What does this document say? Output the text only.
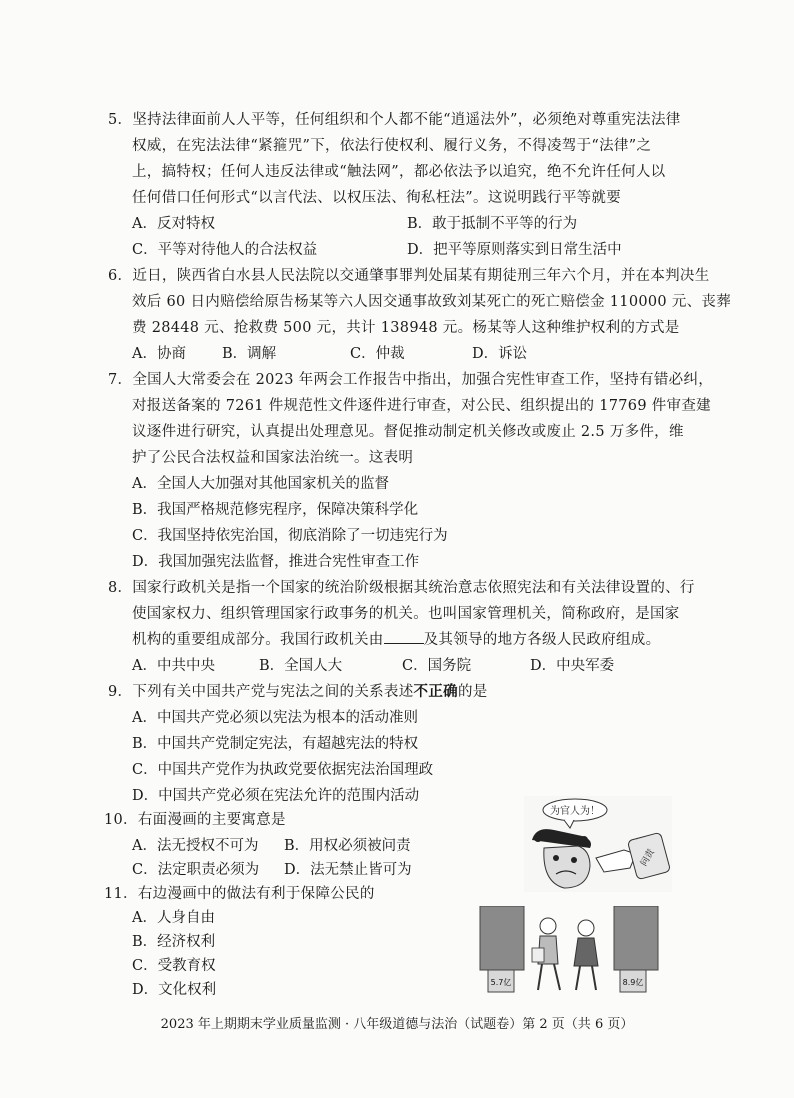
5．坚持法律面前人人平等，任何组织和个人都不能“逍遥法外”，必须绝对尊重宪法法律
权威，在宪法法律“紧箍咒”下，依法行使权利、履行义务，不得凌驾于“法律”之
上，搞特权；任何人违反法律或“触法网”，都必依法予以追究，绝不允许任何人以
任何借口任何形式“以言代法、以权压法、徇私枉法”。这说明践行平等就要
A．反对特权	B．敢于抵制不平等的行为
C．平等对待他人的合法权益	D．把平等原则落实到日常生活中
6．近日，陕西省白水县人民法院以交通肇事罪判处届某有期徒刑三年六个月，并在本判决生
效后 60 日内赔偿给原告杨某等六人因交通事故致刘某死亡的死亡赔偿金 110000 元、丧葬
费 28448 元、抢救费 500 元，共计 138948 元。杨某等人这种维护权利的方式是
A．协商 B．调解	C．仲裁	D．诉讼
7．全国人大常委会在 2023 年两会工作报告中指出，加强合宪性审查工作，坚持有错必纠，
对报送备案的 7261 件规范性文件逐件进行审查，对公民、组织提出的 17769 件审查建
议逐件进行研究，认真提出处理意见。督促推动制定机关修改或废止 2.5 万多件，维
护了公民合法权益和国家法治统一。这表明
A．全国人大加强对其他国家机关的监督
B．我国严格规范修宪程序，保障决策科学化
C．我国坚持依宪治国，彻底消除了一切违宪行为
D．我国加强宪法监督，推进合宪性审查工作
8．国家行政机关是指一个国家的统治阶级根据其统治意志依照宪法和有关法律设置的、行
使国家权力、组织管理国家行政事务的机关。也叫国家管理机关，简称政府，是国家
机构的重要组成部分。我国行政机关由	及其领导的地方各级人民政府组成。
A．中共中央	B．全国人大	C．国务院	D．中央军委
9．下列有关中国共产党与宪法之间的关系表述不正确的是
A．中国共产党必须以宪法为根本的活动准则
B．中国共产党制定宪法，有超越宪法的特权
C．中国共产党作为执政党要依据宪法治国理政
D．中国共产党必须在宪法允许的范围内活动
10．右面漫画的主要寓意是
A．法无授权不可为 B．用权必须被问责
C．法定职责必须为 D．法无禁止皆可为
为官人为！
问责
11．右边漫画中的做法有利于保障公民的
A．人身自由
B．经济权利
C．受教育权
D．文化权利	5.7亿	8.9亿
2023 年上期期末学业质量监测 · 八年级道德与法治（试题卷）第 2 页（共 6 页）
